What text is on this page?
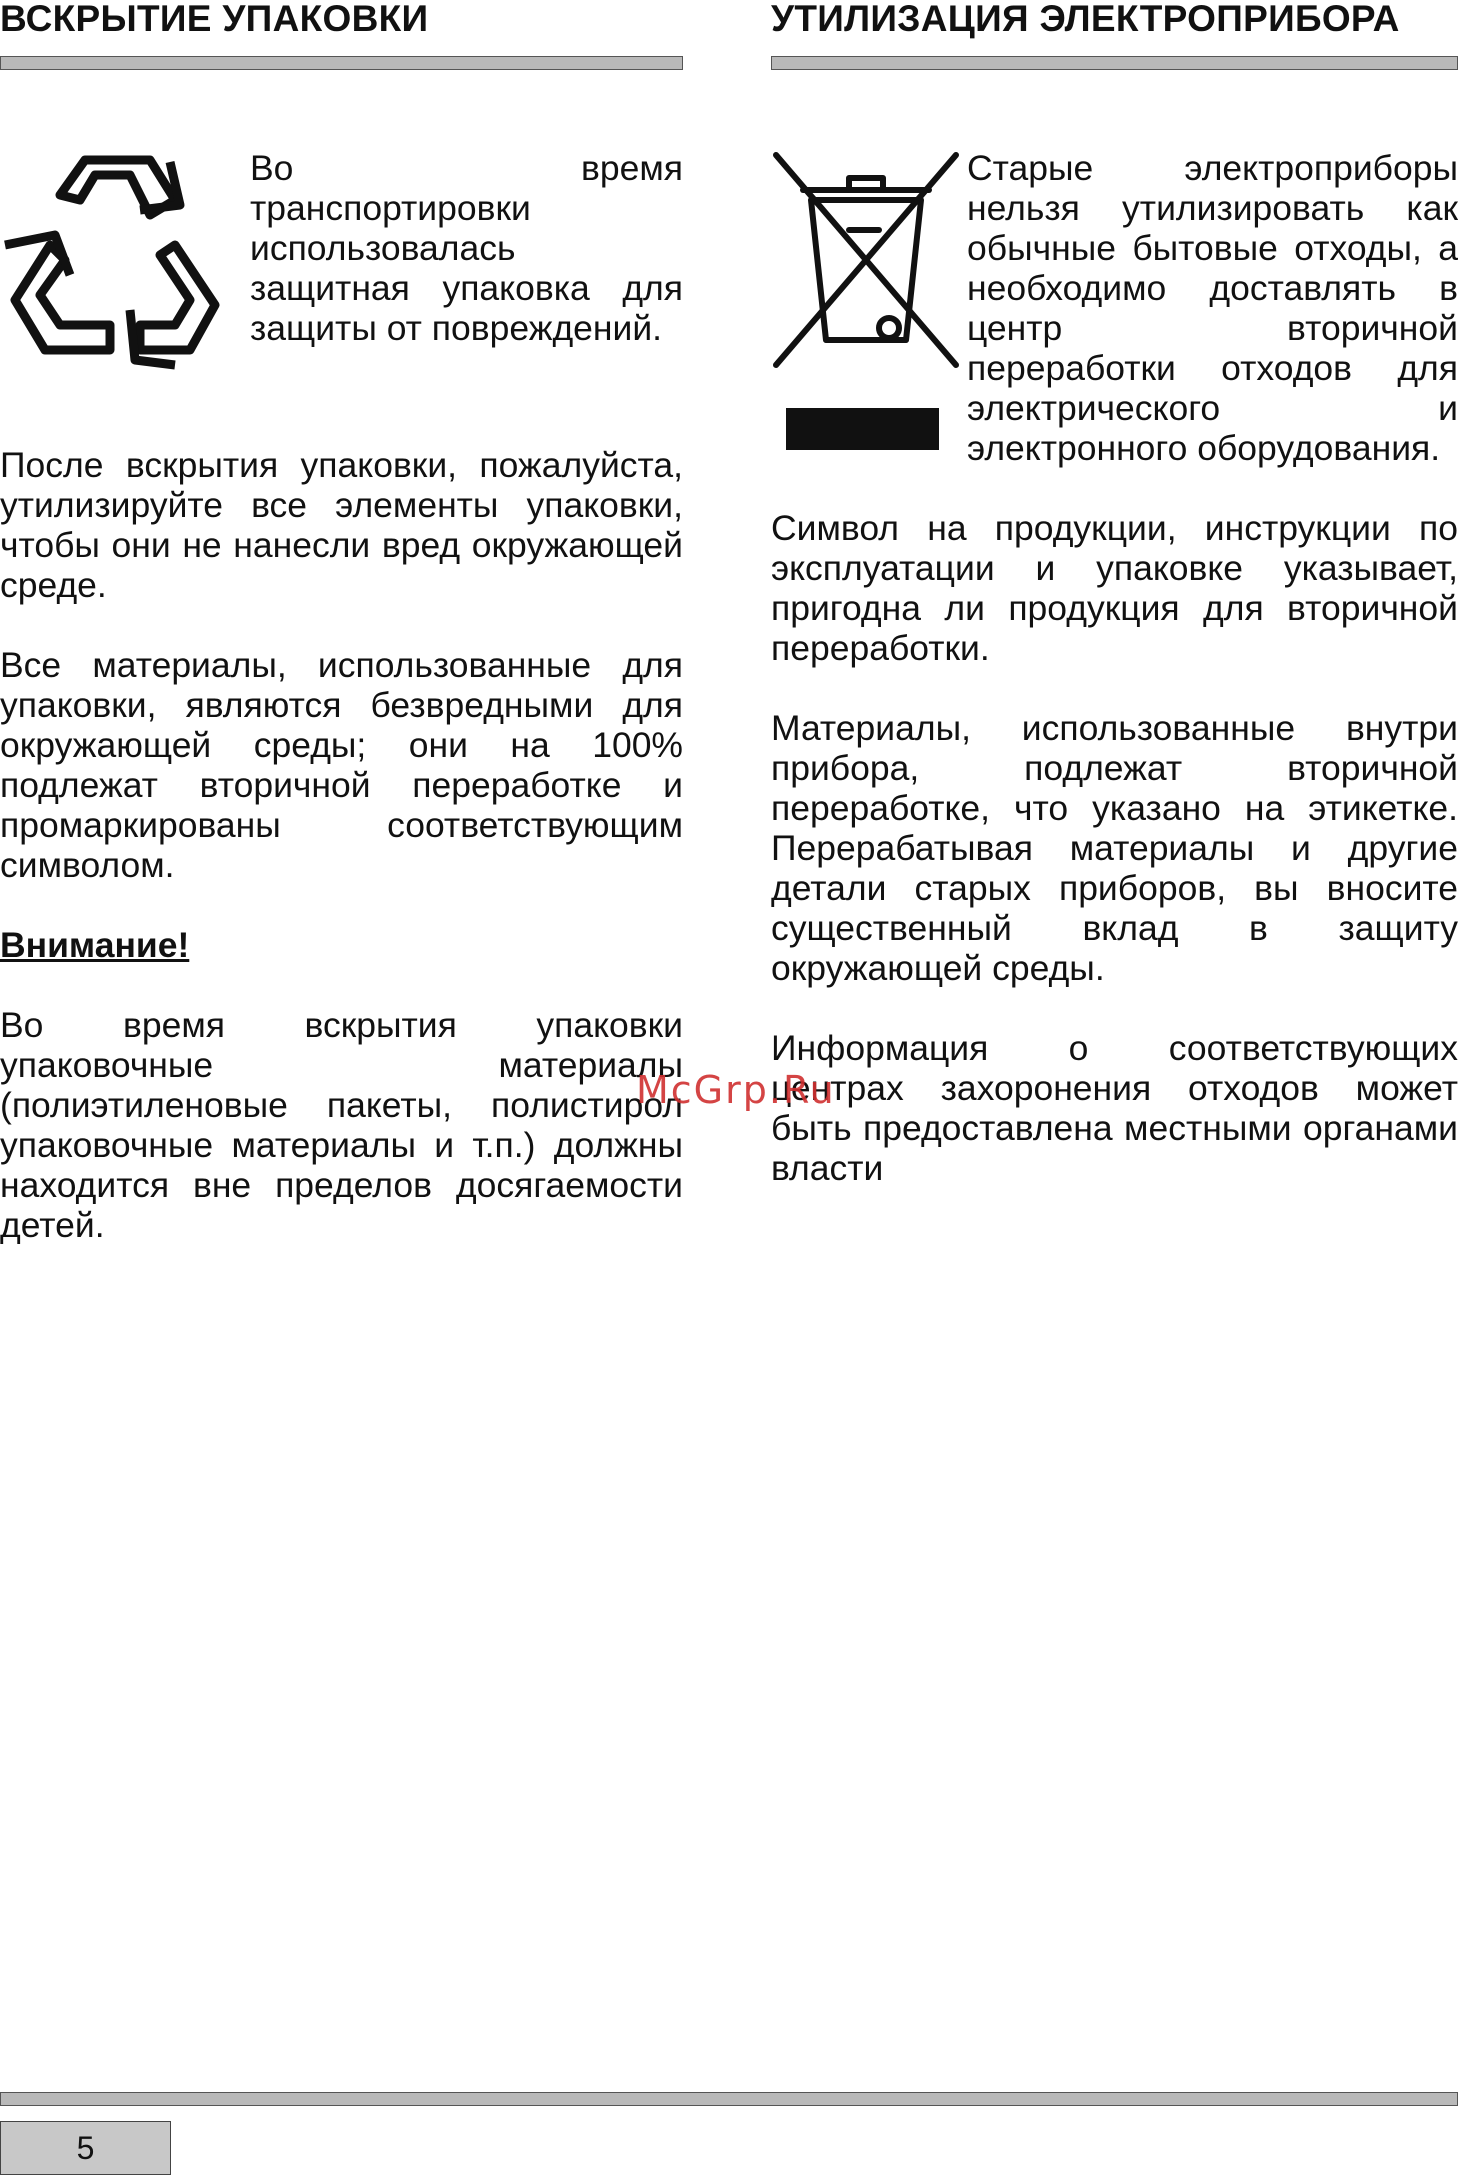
ВСКРЫТИЕ УПАКОВКИ

Во время транспортировки использовалась защитная упаковка для защиты от повреждений.

После вскрытия упаковки, пожалуйста, утилизируйте все элементы упаковки, чтобы они не нанесли вред окружающей среде.

Все материалы, использованные для упаковки, являются безвредными для окружающей среды; они на 100% подлежат вторичной переработке и промаркированы соответствующим символом.

Внимание!

Во время вскрытия упаковки упаковочные материалы (полиэтиленовые пакеты, полистирол упаковочные материалы и т.п.) должны находится вне пределов досягаемости детей.

УТИЛИЗАЦИЯ ЭЛЕКТРОПРИБОРА

Старые электроприборы нельзя утилизировать как обычные бытовые отходы, а необходимо доставлять в центр вторичной переработки отходов для электрического и электронного оборудования.

Символ на продукции, инструкции по эксплуатации и упаковке указывает, пригодна ли продукция для вторичной переработки.

Материалы, использованные внутри прибора, подлежат вторичной переработке, что указано на этикетке. Перерабатывая материалы и другие детали старых приборов, вы вносите существенный вклад в защиту окружающей среды.

Информация о соответствующих центрах захоронения отходов может быть предоставлена местными органами власти

McGrp.Ru
5
